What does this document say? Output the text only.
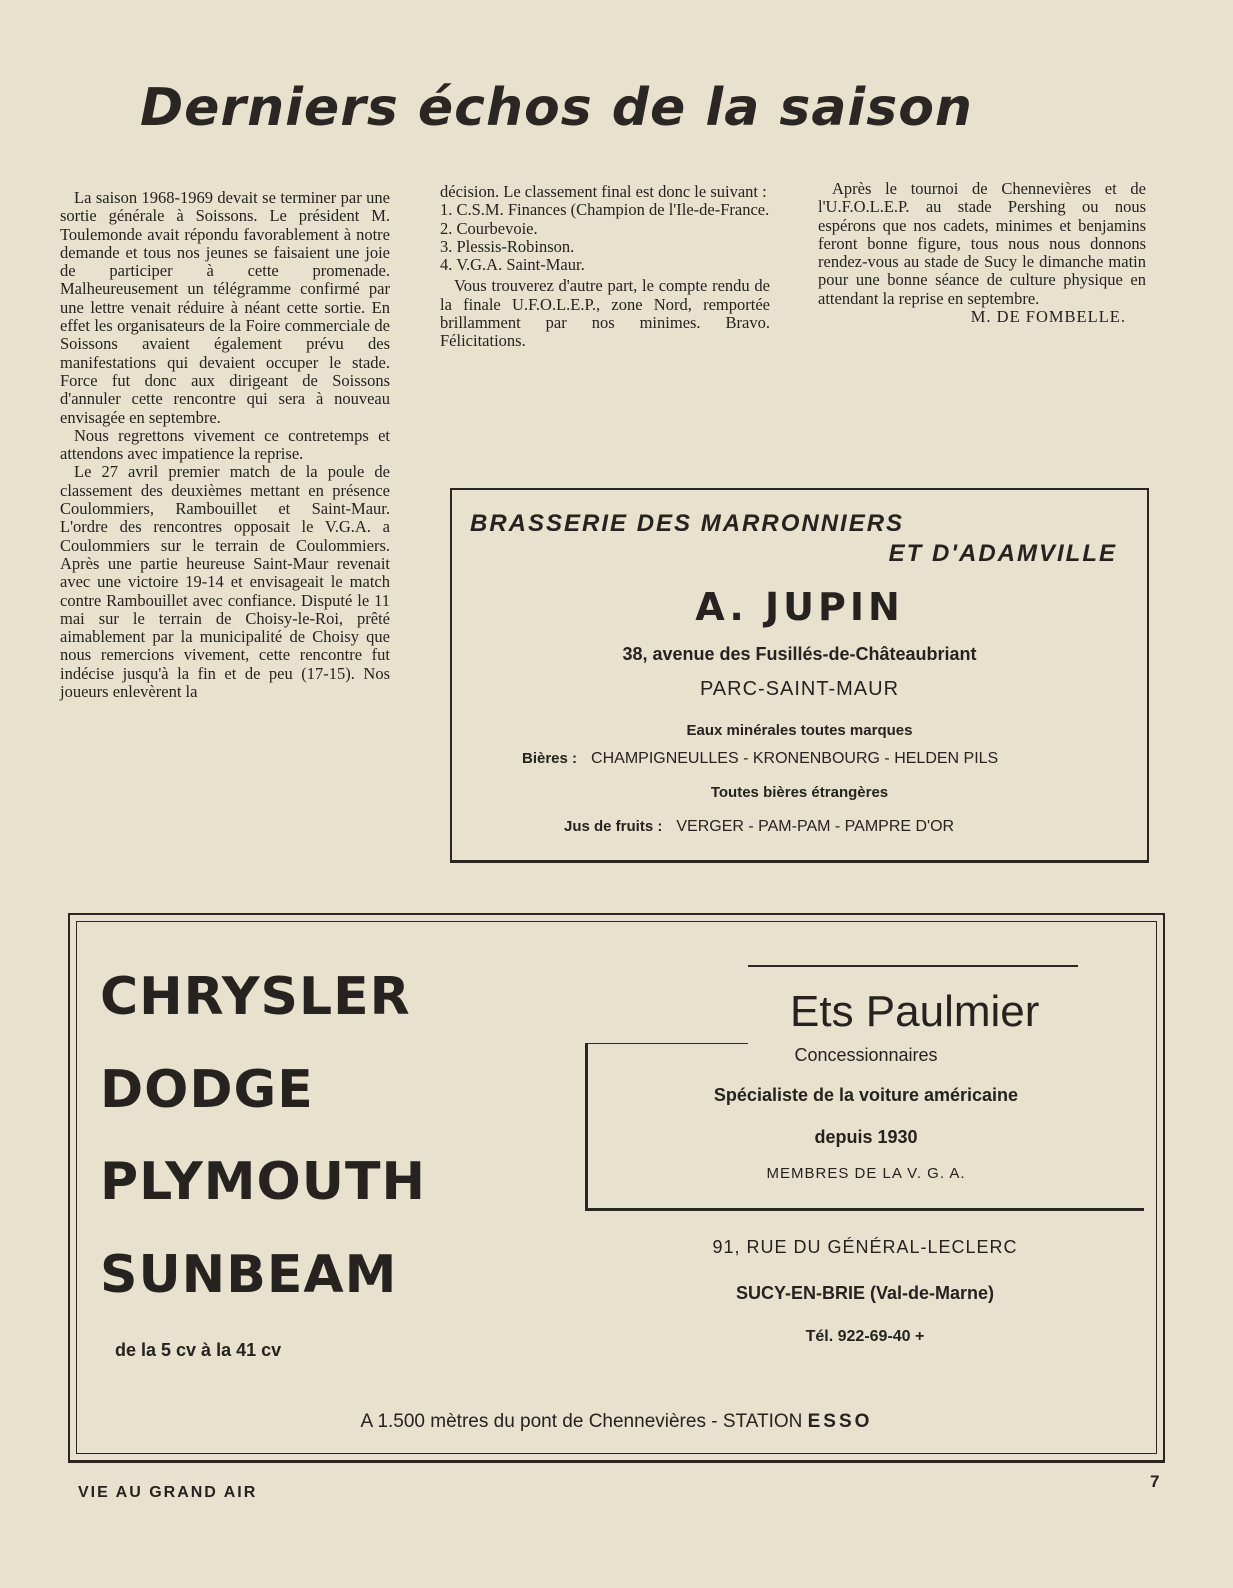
Derniers échos de la saison

La saison 1968-1969 devait se terminer par une sortie générale à Soissons. Le président M. Toulemonde avait répondu favorablement à notre demande et tous nos jeunes se faisaient une joie de participer à cette promenade. Malheureusement un télégramme confirmé par une lettre venait réduire à néant cette sortie. En effet les organisateurs de la Foire commerciale de Soissons avaient également prévu des manifestations qui devaient occuper le stade. Force fut donc aux dirigeant de Soissons d'annuler cette rencontre qui sera à nouveau envisagée en septembre.

Nous regrettons vivement ce contretemps et attendons avec impatience la reprise.

Le 27 avril premier match de la poule de classement des deuxièmes mettant en présence Coulommiers, Rambouillet et Saint-Maur. L'ordre des rencontres opposait le V.G.A. a Coulommiers sur le terrain de Coulommiers. Après une partie heureuse Saint-Maur revenait avec une victoire 19-14 et envisageait le match contre Rambouillet avec confiance. Disputé le 11 mai sur le terrain de Choisy-le-Roi, prêté aimablement par la municipalité de Choisy que nous remercions vivement, cette rencontre fut indécise jusqu'à la fin et de peu (17-15). Nos joueurs enlevèrent la

décision. Le classement final est donc le suivant :

1. C.S.M. Finances (Champion de l'Ile-de-France.
2. Courbevoie.
3. Plessis-Robinson.
4. V.G.A. Saint-Maur.

Vous trouverez d'autre part, le compte rendu de la finale U.F.O.L.E.P., zone Nord, remportée brillamment par nos minimes. Bravo. Félicitations.

Après le tournoi de Chennevières et de l'U.F.O.L.E.P. au stade Pershing ou nous espérons que nos cadets, minimes et benjamins feront bonne figure, tous nous nous donnons rendez-vous au stade de Sucy le dimanche matin pour une bonne séance de culture physique en attendant la reprise en septembre.

M. DE FOMBELLE.

BRASSERIE DES MARRONNIERS
ET D'ADAMVILLE
A. JUPIN
38, avenue des Fusillés-de-Châteaubriant
PARC-SAINT-MAUR
Eaux minérales toutes marques
Bières : CHAMPIGNEULLES - KRONENBOURG - HELDEN PILS
Toutes bières étrangères
Jus de fruits : VERGER - PAM-PAM - PAMPRE D'OR
CHRYSLER
DODGE
PLYMOUTH
SUNBEAM
de la 5 cv à la 41 cv
Ets Paulmier
Concessionnaires
Spécialiste de la voiture américaine
depuis 1930
MEMBRES DE LA V. G. A.
91, RUE DU GÉNÉRAL-LECLERC
SUCY-EN-BRIE (Val-de-Marne)
Tél. 922-69-40 +
A 1.500 mètres du pont de Chennevières - STATION ESSO
VIE AU GRAND AIR
7
